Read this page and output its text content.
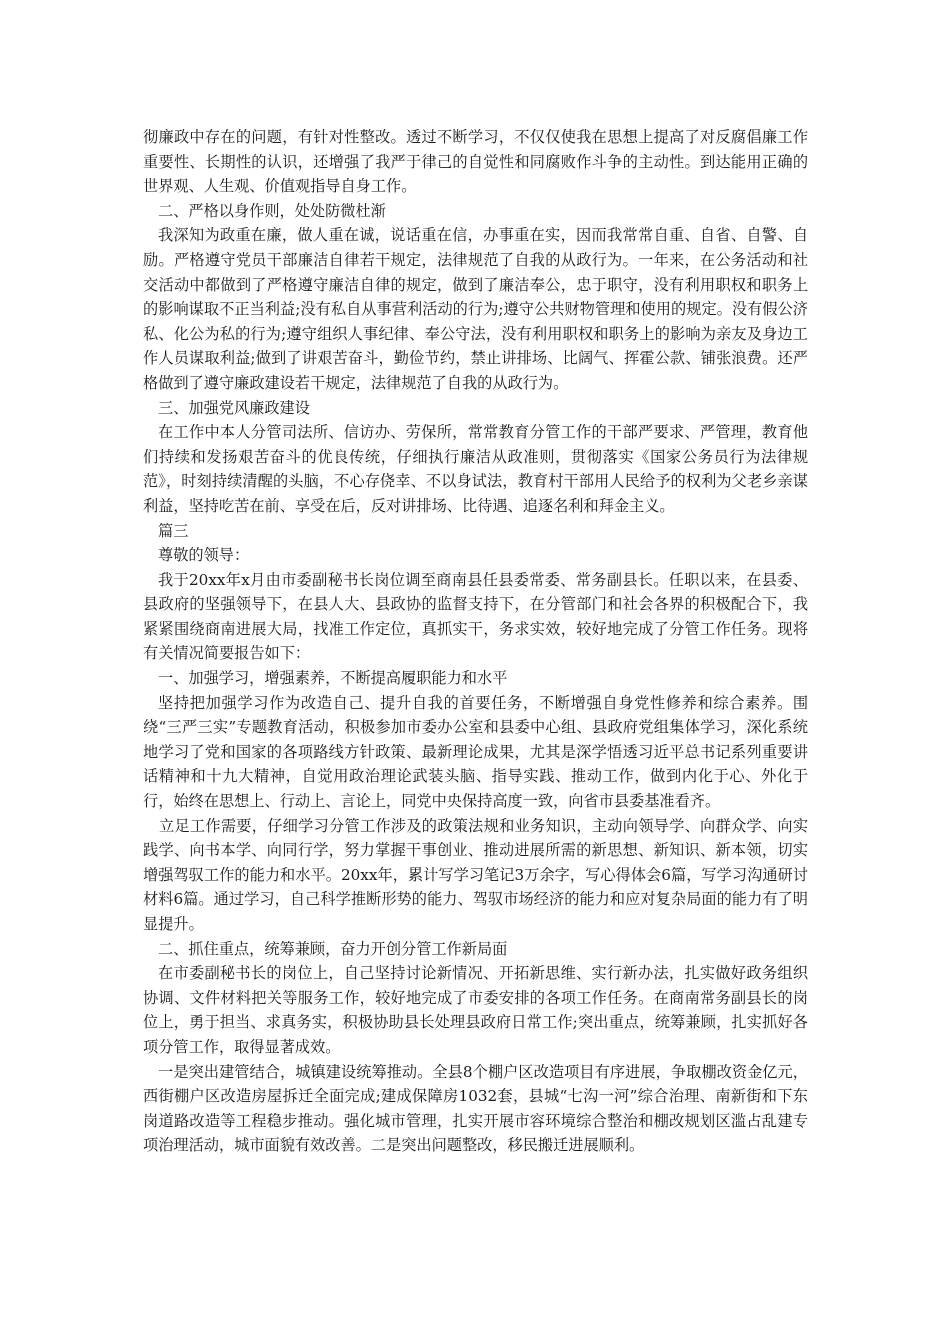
彻廉政中存在的问题，有针对性整改。透过不断学习，不仅仅使我在思想上提高了对反腐倡廉工作重要性、长期性的认识，还增强了我严于律己的自觉性和同腐败作斗争的主动性。到达能用正确的世界观、人生观、价值观指导自身工作。

二、严格以身作则，处处防微杜渐

我深知为政重在廉，做人重在诚，说话重在信，办事重在实，因而我常常自重、自省、自警、自励。严格遵守党员干部廉洁自律若干规定，法律规范了自我的从政行为。一年来，在公务活动和社交活动中都做到了严格遵守廉洁自律的规定，做到了廉洁奉公，忠于职守，没有利用职权和职务上的影响谋取不正当利益;没有私自从事营利活动的行为;遵守公共财物管理和使用的规定。没有假公济私、化公为私的行为;遵守组织人事纪律、奉公守法，没有利用职权和职务上的影响为亲友及身边工作人员谋取利益;做到了讲艰苦奋斗，勤俭节约，禁止讲排场、比阔气、挥霍公款、铺张浪费。还严格做到了遵守廉政建设若干规定，法律规范了自我的从政行为。

三、加强党风廉政建设

在工作中本人分管司法所、信访办、劳保所，常常教育分管工作的干部严要求、严管理，教育他们持续和发扬艰苦奋斗的优良传统，仔细执行廉洁从政准则，贯彻落实《国家公务员行为法律规范》，时刻持续清醒的头脑，不心存侥幸、不以身试法，教育村干部用人民给予的权利为父老乡亲谋利益，坚持吃苦在前、享受在后，反对讲排场、比待遇、追逐名利和拜金主义。

篇三

尊敬的领导：

我于20xx年x月由市委副秘书长岗位调至商南县任县委常委、常务副县长。任职以来，在县委、县政府的坚强领导下，在县人大、县政协的监督支持下，在分管部门和社会各界的积极配合下，我紧紧围绕商南进展大局，找准工作定位，真抓实干，务求实效，较好地完成了分管工作任务。现将有关情况简要报告如下：

一、加强学习，增强素养，不断提高履职能力和水平

坚持把加强学习作为改造自己、提升自我的首要任务，不断增强自身党性修养和综合素养。围绕“三严三实”专题教育活动，积极参加市委办公室和县委中心组、县政府党组集体学习，深化系统地学习了党和国家的各项路线方针政策、最新理论成果，尤其是深学悟透习近平总书记系列重要讲话精神和十九大精神，自觉用政治理论武装头脑、指导实践、推动工作，做到内化于心、外化于行，始终在思想上、行动上、言论上，同党中央保持高度一致，向省市县委基准看齐。

立足工作需要，仔细学习分管工作涉及的政策法规和业务知识，主动向领导学、向群众学、向实践学、向书本学、向同行学，努力掌握干事创业、推动进展所需的新思想、新知识、新本领，切实增强驾驭工作的能力和水平。20xx年，累计写学习笔记3万余字，写心得体会6篇，写学习沟通研讨材料6篇。通过学习，自己科学推断形势的能力、驾驭市场经济的能力和应对复杂局面的能力有了明显提升。

二、抓住重点，统筹兼顾，奋力开创分管工作新局面

在市委副秘书长的岗位上，自己坚持讨论新情况、开拓新思维、实行新办法，扎实做好政务组织协调、文件材料把关等服务工作，较好地完成了市委安排的各项工作任务。在商南常务副县长的岗位上，勇于担当、求真务实，积极协助县长处理县政府日常工作;突出重点，统筹兼顾，扎实抓好各项分管工作，取得显著成效。

一是突出建管结合，城镇建设统筹推动。全县8个棚户区改造项目有序进展，争取棚改资金亿元，西街棚户区改造房屋拆迁全面完成;建成保障房1032套，县城“七沟一河”综合治理、南新街和下东岗道路改造等工程稳步推动。强化城市管理，扎实开展市容环境综合整治和棚改规划区滥占乱建专项治理活动，城市面貌有效改善。二是突出问题整改，移民搬迁进展顺利。
